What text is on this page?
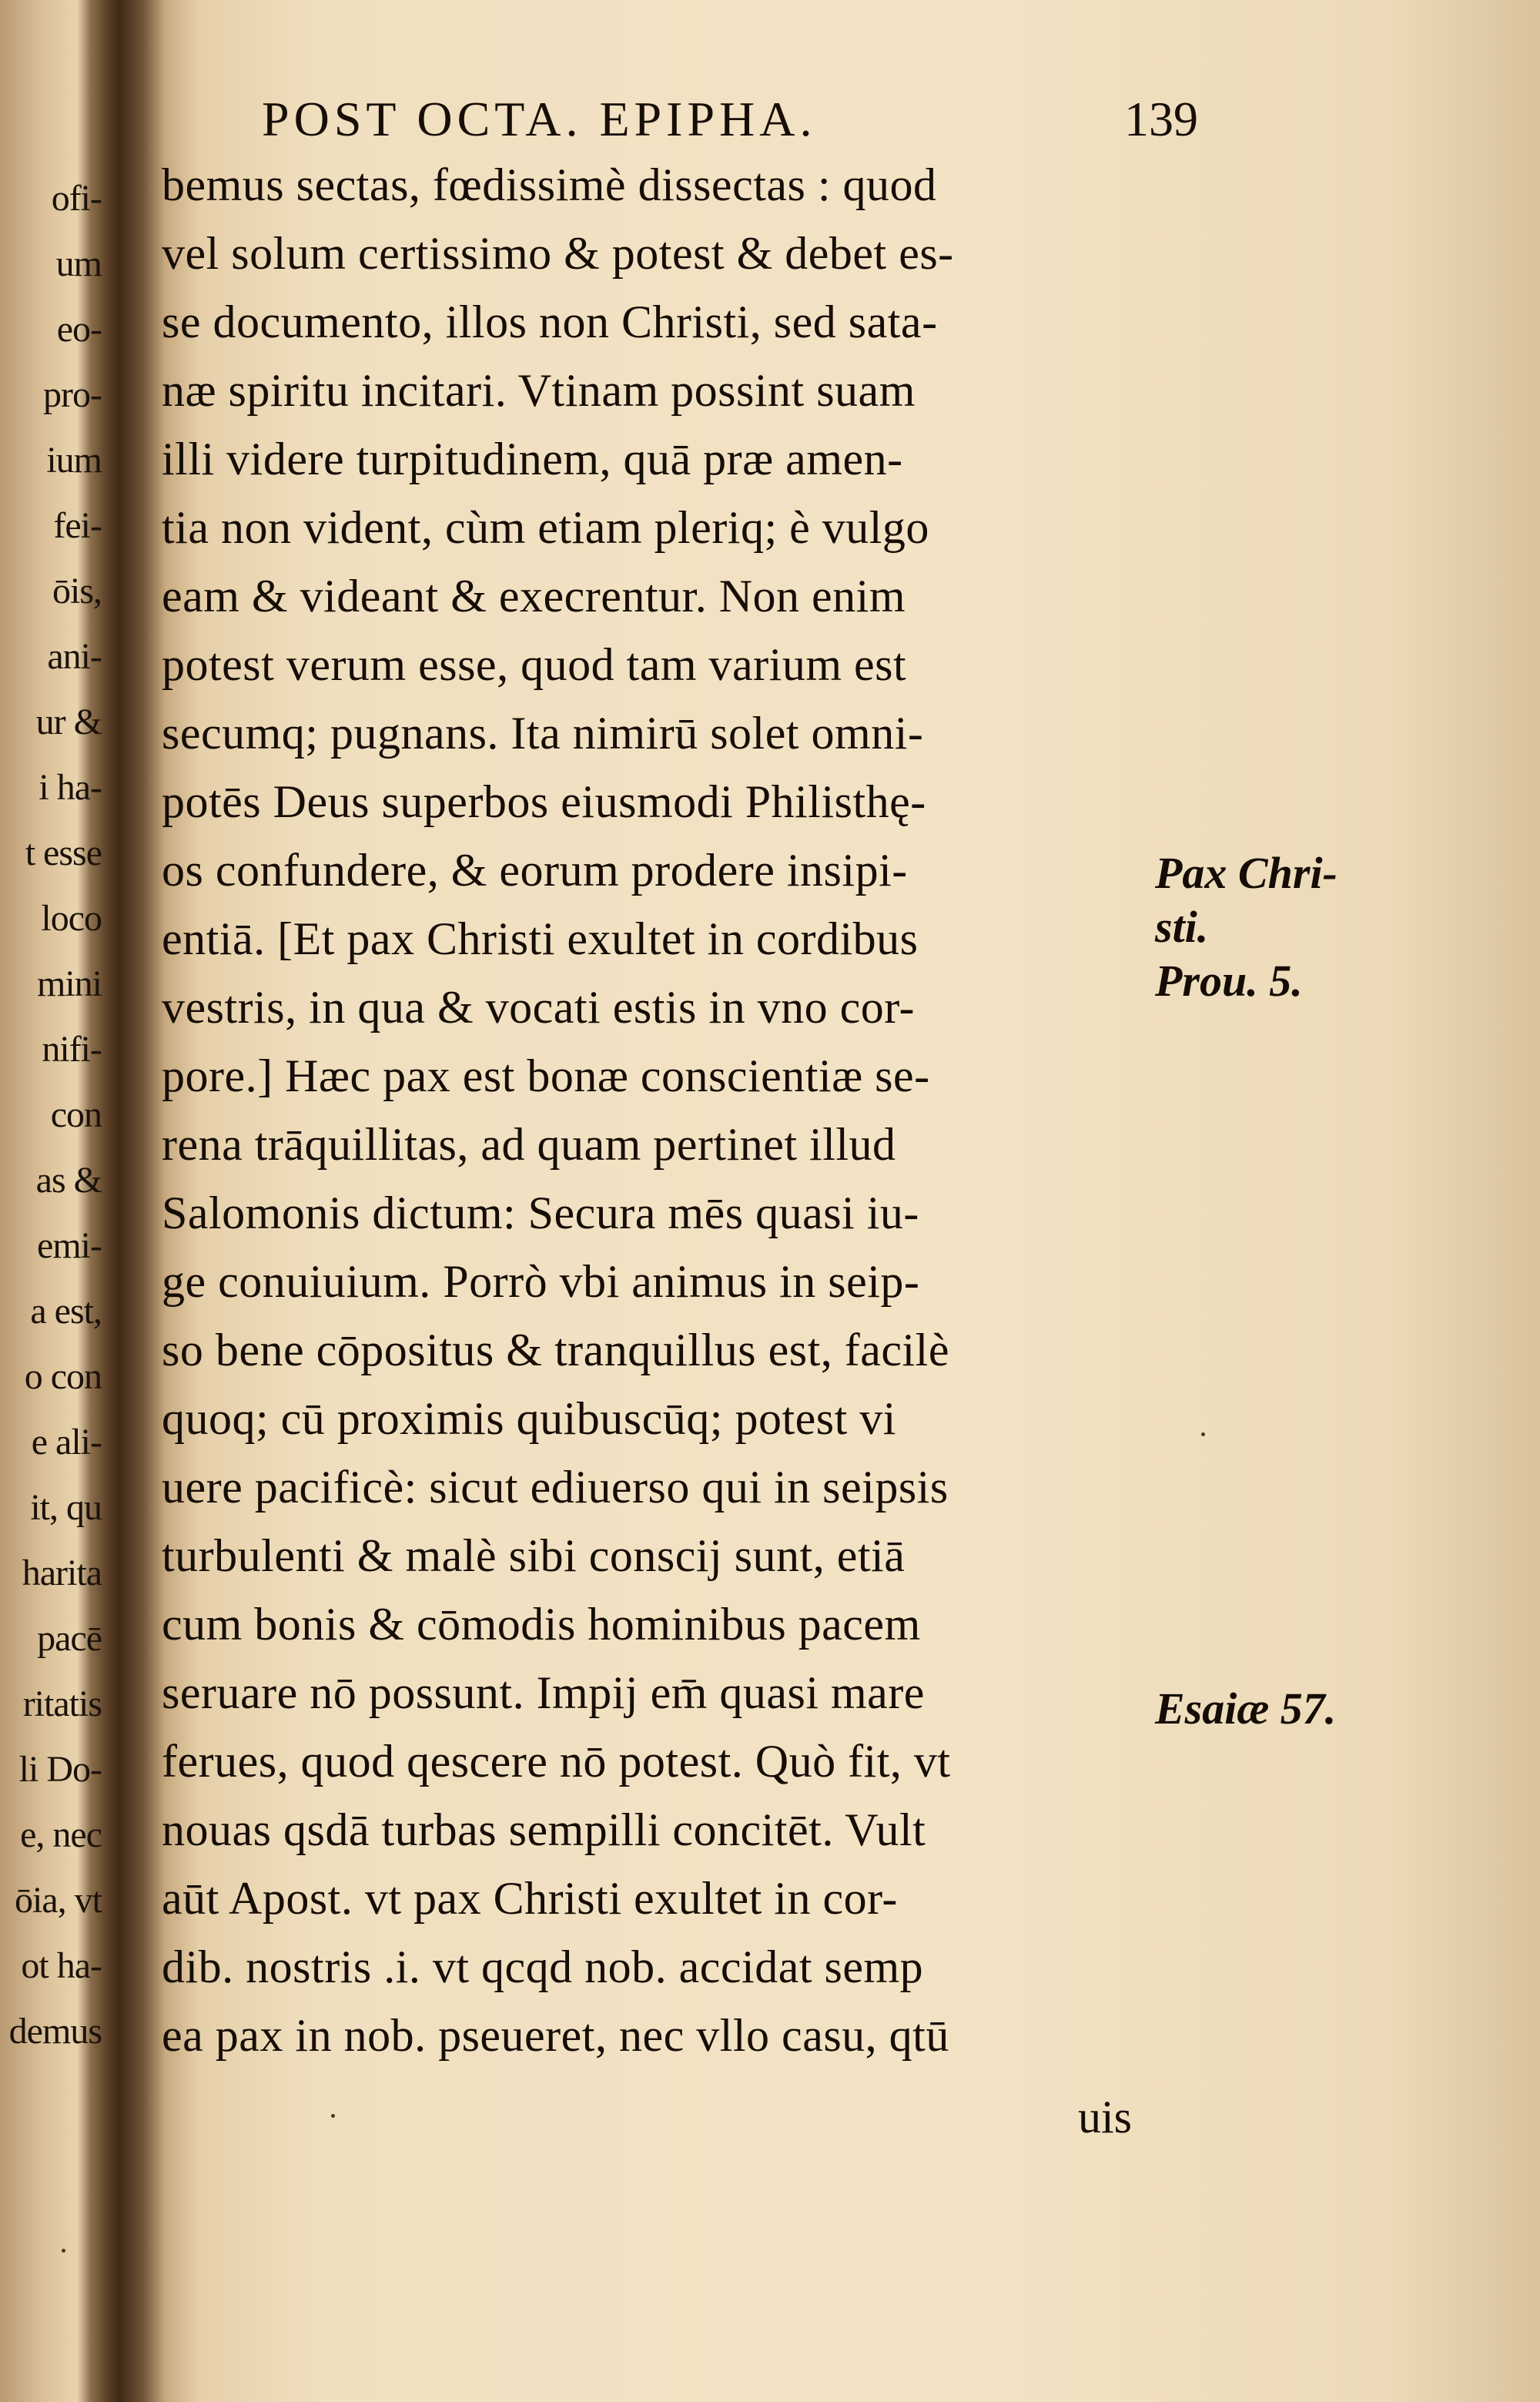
ofi-
um
eo-
pro-
ium
fei-
ōis,
ani-
ur &
i ha-
t esse
loco
mini
nifi-
con
as &
emi-
a est,
o con
e ali-
it, qu
harita
pacē
ritatis
li Do-
e, nec
ōia, vt
ot ha-
demus
POST OCTA. EPIPHA.	139
bemus sectas, fœdissimè dissectas : quod
vel solum certissimo & potest & debet es-
se documento, illos non Christi, sed sata-
næ spiritu incitari. Vtinam possint suam
illi videre turpitudinem, quā præ amen-
tia non vident, cùm etiam pleriq; è vulgo
eam & videant & execrentur. Non enim
potest verum esse, quod tam varium est
secumq; pugnans. Ita nimirū solet omni-
potēs Deus superbos eiusmodi Philisthę-
os confundere, & eorum prodere insipi-
entiā. [Et pax Christi exultet in cordibus
vestris, in qua & vocati estis in vno cor-
pore.] Hæc pax est bonæ conscientiæ se-
rena trāquillitas, ad quam pertinet illud
Salomonis dictum: Secura mēs quasi iu-
ge conuiuium. Porrò vbi animus in seip-
so bene cōpositus & tranquillus est, facilè
quoq; cū proximis quibuscūq; potest vi
uere pacificè: sicut ediuerso qui in seipsis
turbulenti & malè sibi conscij sunt, etiā
cum bonis & cōmodis hominibus pacem
seruare nō possunt. Impij em̄ quasi mare
ferues, quod qescere nō potest. Quò fit, vt
nouas qsdā turbas sempilli concitēt. Vult
aūt Apost. vt pax Christi exultet in cor-
dib. nostris .i. vt qcqd nob. accidat semp
ea pax in nob. pseueret, nec vllo casu, qtū
uis
Pax Chri-
sti.
Prou. 5.
Esaiæ 57.
